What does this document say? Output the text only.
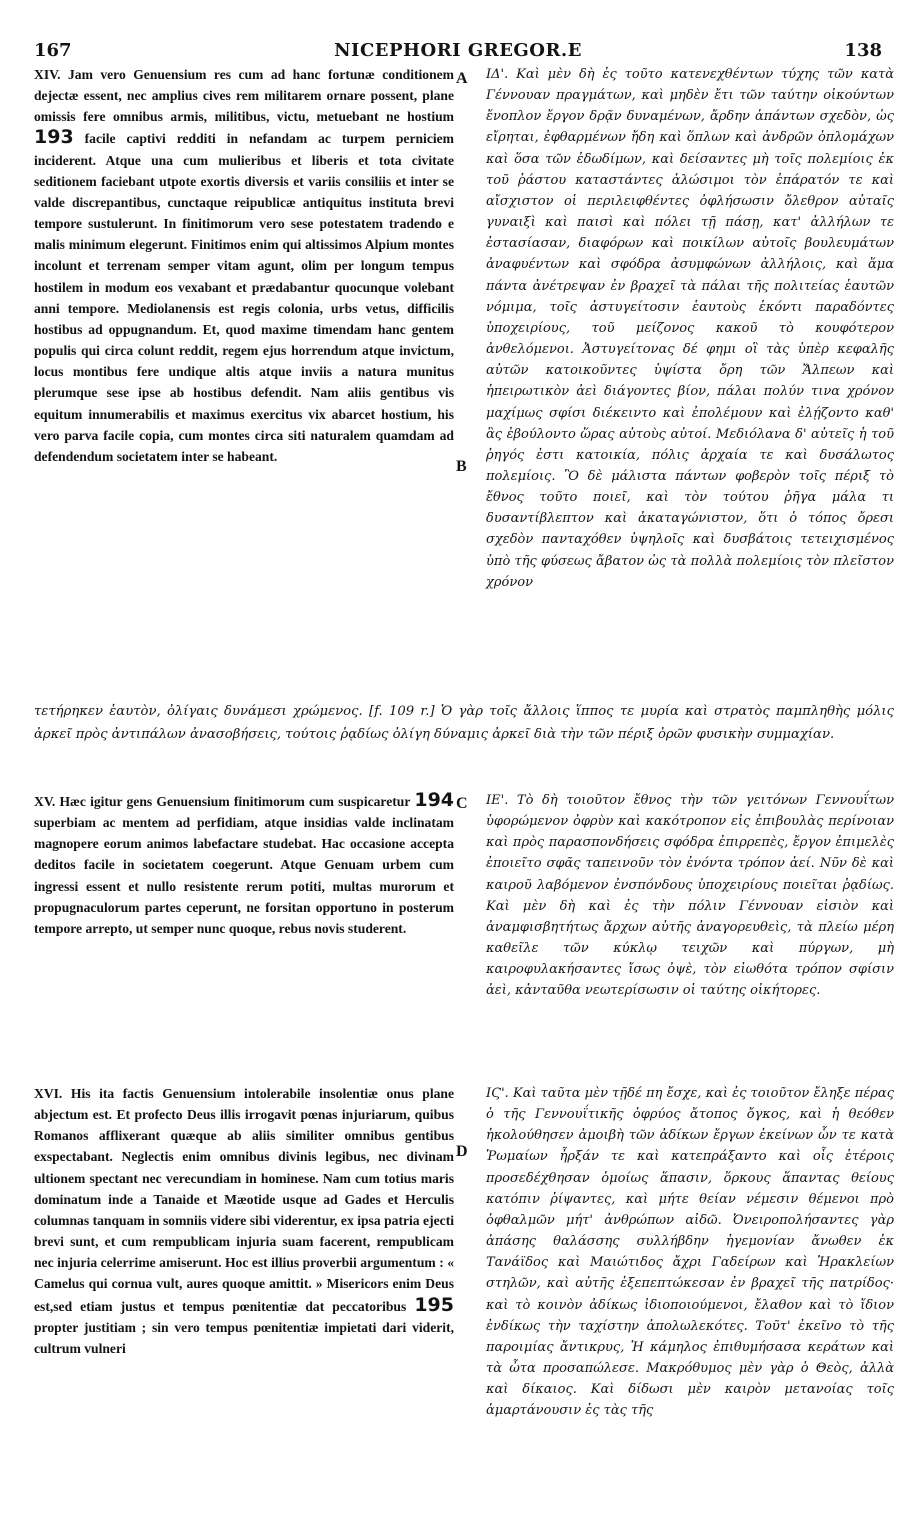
167	NICEPHORI GREGOR.E	138
A
B
C
D
XIV. Jam vero Genuensium res cum ad hanc fortunæ conditionem dejectæ essent, nec amplius cives rem militarem ornare possent, plane omissis fere omnibus armis, militibus, victu, metuebant ne hostium 193 facile captivi redditi in nefandam ac turpem perniciem inciderent. Atque una cum mulieribus et liberis et tota civitate seditionem faciebant utpote exortis diversis et variis consiliis et inter se valde discrepantibus, cunctaque reipublicæ antiquitus instituta brevi tempore sustulerunt. In finitimorum vero sese potestatem tradendo e malis minimum elegerunt. Finitimos enim qui altissimos Alpium montes incolunt et terrenam semper vitam agunt, olim per longum tempus hostilem in modum eos vexabant et prædabantur quocunque volebant anni tempore. Mediolanensis est regis colonia, urbs vetus, difficilis hostibus ad oppugnandum. Et, quod maxime timendam hanc gentem populis qui circa colunt reddit, regem ejus horrendum atque invictum, locus montibus fere undique altis atque inviis a natura munitus plerumque sese ipse ab hostibus defendit. Nam aliis gentibus vis equitum innumerabilis et maximus exercitus vix abarcet hostium, his vero parva facile copia, cum montes circa siti naturalem quamdam ad defendendum societatem inter se habeant.
ΙΔ'. Καὶ μὲν δὴ ἐς τοῦτο κατενεχθέντων τύχης τῶν κατὰ Γέννουαν πραγμάτων, καὶ μηδὲν ἔτι τῶν ταύτην οἰκούντων ἔνοπλον ἔργον δρᾷν δυναμένων, ἄρδην ἁπάντων σχεδὸν, ὡς εἴρηται, ἐφθαρμένων ἤδη καὶ ὅπλων καὶ ἀνδρῶν ὁπλομάχων καὶ ὅσα τῶν ἐδωδίμων, καὶ δείσαντες μὴ τοῖς πολεμίοις ἐκ τοῦ ῥάστου καταστάντες ἁλώσιμοι τὸν ἐπάρατόν τε καὶ αἴσχιστον οἱ περιλειφθέντες ὀφλήσωσιν ὄλεθρον αὐταῖς γυναιξὶ καὶ παισὶ καὶ πόλει τῇ πάσῃ, κατ' ἀλλήλων τε ἐστασίασαν, διαφόρων καὶ ποικίλων αὐτοῖς βουλευμάτων ἀναφυέντων καὶ σφόδρα ἀσυμφώνων ἀλλήλοις, καὶ ἅμα πάντα ἀνέτρεψαν ἐν βραχεῖ τὰ πάλαι τῆς πολιτείας ἑαυτῶν νόμιμα, τοῖς ἀστυγείτοσιν ἑαυτοὺς ἑκόντι παραδόντες ὑποχειρίους, τοῦ μείζονος κακοῦ τὸ κουφότερον ἀνθελόμενοι. Ἀστυγείτονας δέ φημι οἳ τὰς ὑπὲρ κεφαλῆς αὐτῶν κατοικοῦντες ὑψίστα ὄρη τῶν Ἄλπεων καὶ ἠπειρωτικὸν ἀεὶ διάγοντες βίον, πάλαι πολύν τινα χρόνον μαχίμως σφίσι διέκειντο καὶ ἐπολέμουν καὶ ἐλῄζοντο καθ' ἃς ἐβούλοντο ὥρας αὐτοὺς αὐτοί. Μεδιόλανα δ' αὐτεῖς ἡ τοῦ ῥηγός ἐστι κατοικία, πόλις ἀρχαία τε καὶ δυσάλωτος πολεμίοις. Ὃ δὲ μάλιστα πάντων φοβερὸν τοῖς πέριξ τὸ ἔθνος τοῦτο ποιεῖ, καὶ τὸν τούτου ῥῆγα μάλα τι δυσαντίβλεπτον καὶ ἀκαταγώνιστον, ὅτι ὁ τόπος ὄρεσι σχεδὸν πανταχόθεν ὑψηλοῖς καὶ δυσβάτοις τετειχισμένος ὑπὸ τῆς φύσεως ἄβατον ὡς τὰ πολλὰ πολεμίοις τὸν πλεῖστον χρόνον
τετήρηκεν ἑαυτὸν, ὀλίγαις δυνάμεσι χρώμενος. [f. 109 r.] Ὁ γὰρ τοῖς ἄλλοις ἵππος τε μυρία καὶ στρατὸς παμπληθὴς μόλις ἀρκεῖ πρὸς ἀντιπάλων ἀνασοβήσεις, τούτοις ῥᾳδίως ὀλίγη δύναμις ἀρκεῖ διὰ τὴν τῶν πέριξ ὀρῶν φυσικὴν συμμαχίαν.
XV. Hæc igitur gens Genuensium finitimorum cum suspicaretur 194 superbiam ac mentem ad perfidiam, atque insidias valde inclinatam magnopere eorum animos labefactare studebat. Hac occasione accepta deditos facile in societatem coegerunt. Atque Genuam urbem cum ingressi essent et nullo resistente rerum potiti, multas murorum et propugnaculorum partes ceperunt, ne forsitan opportuno in posterum tempore arrepto, ut semper nunc quoque, rebus novis studerent.
ΙΕ'. Τὸ δὴ τοιοῦτον ἔθνος τὴν τῶν γειτόνων Γεννουΐτων ὑφορώμενον ὀφρὺν καὶ κακότροπον εἰς ἐπιβουλὰς περίνοιαν καὶ πρὸς παρασπονδήσεις σφόδρα ἐπιρρεπὲς, ἔργον ἐπιμελὲς ἐποιεῖτο σφᾶς ταπεινοῦν τὸν ἐνόντα τρόπον ἀεί. Νῦν δὲ καὶ καιροῦ λαβόμενον ἐνσπόνδους ὑποχειρίους ποιεῖται ῥᾳδίως. Καὶ μὲν δὴ καὶ ἐς τὴν πόλιν Γέννουαν εἰσιὸν καὶ ἀναμφισβητήτως ἄρχων αὐτῆς ἀναγορευθεὶς, τὰ πλείω μέρη καθεῖλε τῶν κύκλῳ τειχῶν καὶ πύργων, μὴ καιροφυλακήσαντες ἴσως ὀψὲ, τὸν εἰωθότα τρόπον σφίσιν ἀεὶ, κἀνταῦθα νεωτερίσωσιν οἱ ταύτης οἰκήτορες.
XVI. His ita factis Genuensium intolerabile insolentiæ onus plane abjectum est. Et profecto Deus illis irrogavit pœnas injuriarum, quibus Romanos afflixerant quæque ab aliis similiter omnibus gentibus exspectabant. Neglectis enim omnibus divinis legibus, nec divinam ultionem spectant nec verecundiam in hominese. Nam cum totius maris dominatum inde a Tanaide et Mæotide usque ad Gades et Herculis columnas tanquam in somniis videre sibi viderentur, ex ipsa patria ejecti brevi sunt, et cum rempublicam injuria suam facerent, rempublicam nec injuria celerrime amiserunt. Hoc est illius proverbii argumentum : « Camelus qui cornua vult, aures quoque amittit. » Misericors enim Deus est,sed etiam justus et tempus pœnitentiæ dat peccatoribus 195 propter justitiam ; sin vero tempus pœnitentiæ impietati dari viderit, cultrum vulneri
ΙϚ'. Καὶ ταῦτα μὲν τῇδέ πη ἔσχε, καὶ ἐς τοιοῦτον ἔληξε πέρας ὁ τῆς Γεννουΐτικῆς ὀφρύος ἄτοπος ὄγκος, καὶ ἡ θεόθεν ἠκολούθησεν ἀμοιβὴ τῶν ἀδίκων ἔργων ἐκείνων ὧν τε κατὰ Ῥωμαίων ἦρξάν τε καὶ κατεπράξαντο καὶ οἷς ἑτέροις προσεδέχθησαν ὁμοίως ἅπασιν, ὅρκους ἅπαντας θείους κατόπιν ῥίψαντες, καὶ μήτε θείαν νέμεσιν θέμενοι πρὸ ὀφθαλμῶν μήτ' ἀνθρώπων αἰδῶ. Ὀνειροπολήσαντες γὰρ ἁπάσης θαλάσσης συλλήβδην ἡγεμονίαν ἄνωθεν ἐκ Τανάϊδος καὶ Μαιώτιδος ἄχρι Γαδείρων καὶ Ἡρακλείων στηλῶν, καὶ αὐτῆς ἐξεπεπτώκεσαν ἐν βραχεῖ τῆς πατρίδος· καὶ τὸ κοινὸν ἀδίκως ἰδιοποιούμενοι, ἔλαθον καὶ τὸ ἴδιον ἐνδίκως τὴν ταχίστην ἀπολωλεκότες. Τοῦτ' ἐκεῖνο τὸ τῆς παροιμίας ἄντικρυς, Ἡ κάμηλος ἐπιθυμήσασα κεράτων καὶ τὰ ὦτα προσαπώλεσε. Μακρόθυμος μὲν γὰρ ὁ Θεὸς, ἀλλὰ καὶ δίκαιος. Καὶ δίδωσι μὲν καιρὸν μετανοίας τοῖς ἁμαρτάνουσιν ἐς τὰς τῆς
